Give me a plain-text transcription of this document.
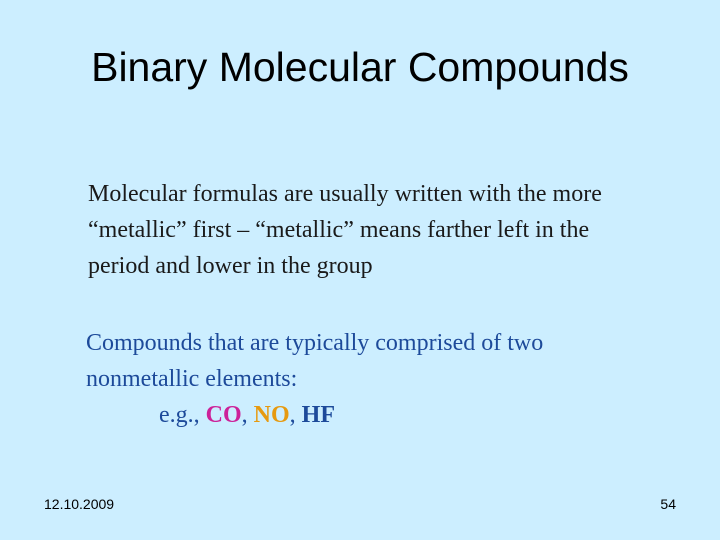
Binary Molecular Compounds

Molecular formulas are usually written with the more “metallic” first – “metallic” means farther left in the period and lower in the group

Compounds that are typically comprised of two nonmetallic elements:
e.g., CO, NO, HF

12.10.2009	54
